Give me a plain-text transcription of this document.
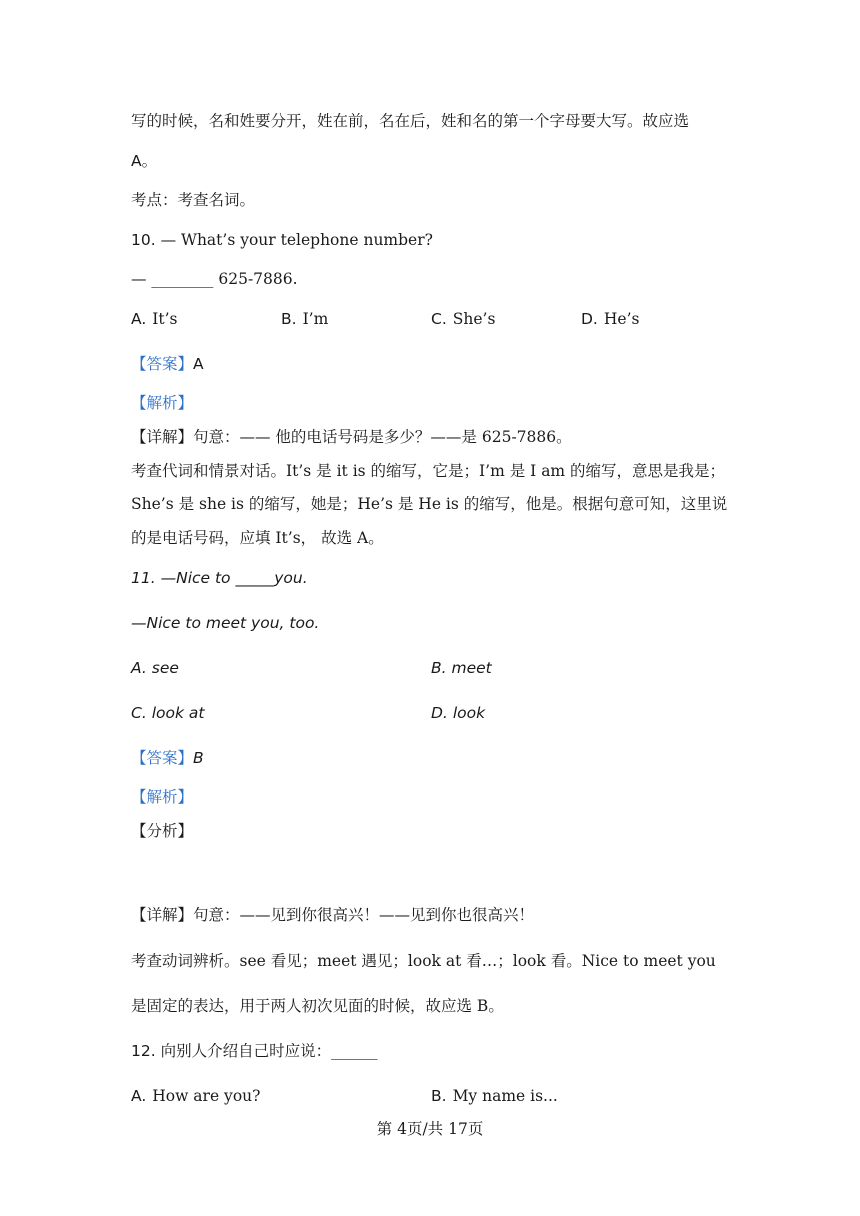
写的时候，名和姓要分开，姓在前，名在后，姓和名的第一个字母要大写。故应选
A。
考点：考查名词。
10. — What’s your telephone number?
— ________ 625-7886.
A. It’s	B. I’m	C. She’s	D. He’s
【答案】A
【解析】
【详解】句意：—— 他的电话号码是多少？——是 625-7886。
考查代词和情景对话。It’s 是 it is 的缩写，它是；I’m 是 I am 的缩写，意思是我是；
She’s 是 she is 的缩写，她是；He’s 是 He is 的缩写，他是。根据句意可知，这里说
的是电话号码，应填 It’s， 故选 A。
11. —Nice to _____you.
—Nice to meet you, too.
A. see	B. meet
C. look at	D. look
【答案】B
【解析】
【分析】
【详解】句意：——见到你很高兴！——见到你也很高兴！
考查动词辨析。see 看见；meet 遇见；look at 看…；look 看。Nice to meet you
是固定的表达，用于两人初次见面的时候，故应选 B。
12. 向别人介绍自己时应说：______
A. How are you?	B. My name is...
第 4页/共 17页
